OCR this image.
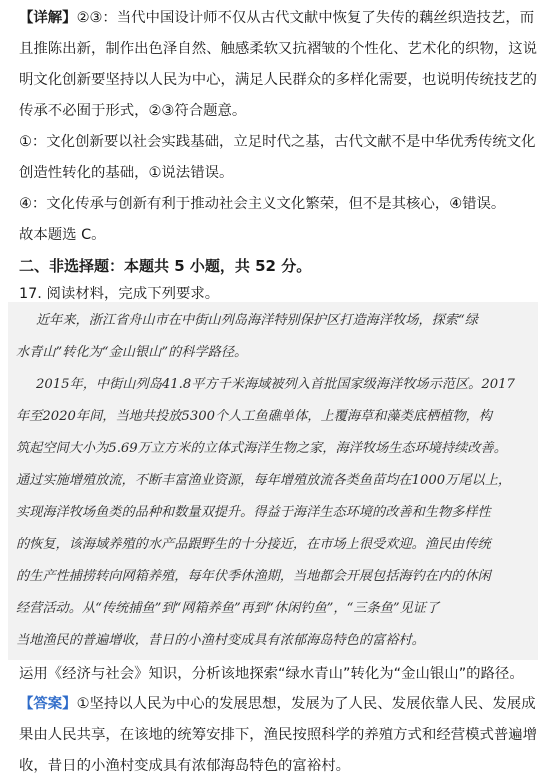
【详解】②③：当代中国设计师不仅从古代文献中恢复了失传的藕丝织造技艺，而
且推陈出新，制作出色泽自然、触感柔软又抗褶皱的个性化、艺术化的织物，这说
明文化创新要坚持以人民为中心，满足人民群众的多样化需要，也说明传统技艺的
传承不必囿于形式，②③符合题意。
①：文化创新要以社会实践基础，立足时代之基，古代文献不是中华优秀传统文化
创造性转化的基础，①说法错误。
④：文化传承与创新有利于推动社会主义文化繁荣，但不是其核心，④错误。
故本题选 C。
二、非选择题：本题共 5 小题，共 52 分。
17. 阅读材料，完成下列要求。
近年来，浙江省舟山市在中街山列岛海洋特别保护区打造海洋牧场，探索“绿
水青山”转化为“金山银山”的科学路径。
2015年，中街山列岛41.8平方千米海域被列入首批国家级海洋牧场示范区。2017
年至2020年间，当地共投放5300个人工鱼礁单体，上覆海草和藻类底栖植物，构
筑起空间大小为5.69万立方米的立体式海洋生物之家，海洋牧场生态环境持续改善。
通过实施增殖放流，不断丰富渔业资源，每年增殖放流各类鱼苗均在1000万尾以上，
实现海洋牧场鱼类的品种和数量双提升。得益于海洋生态环境的改善和生物多样性
的恢复，该海域养殖的水产品跟野生的十分接近，在市场上很受欢迎。渔民由传统
的生产性捕捞转向网箱养殖，每年伏季休渔期，当地都会开展包括海钓在内的休闲
经营活动。从“传统捕鱼”到“网箱养鱼”再到“休闲钓鱼”，“三条鱼”见证了
当地渔民的普遍增收，昔日的小渔村变成具有浓郁海岛特色的富裕村。
运用《经济与社会》知识，分析该地探索“绿水青山”转化为“金山银山”的路径。
【答案】①坚持以人民为中心的发展思想，发展为了人民、发展依靠人民、发展成
果由人民共享，在该地的统筹安排下，渔民按照科学的养殖方式和经营模式普遍增
收，昔日的小渔村变成具有浓郁海岛特色的富裕村。
